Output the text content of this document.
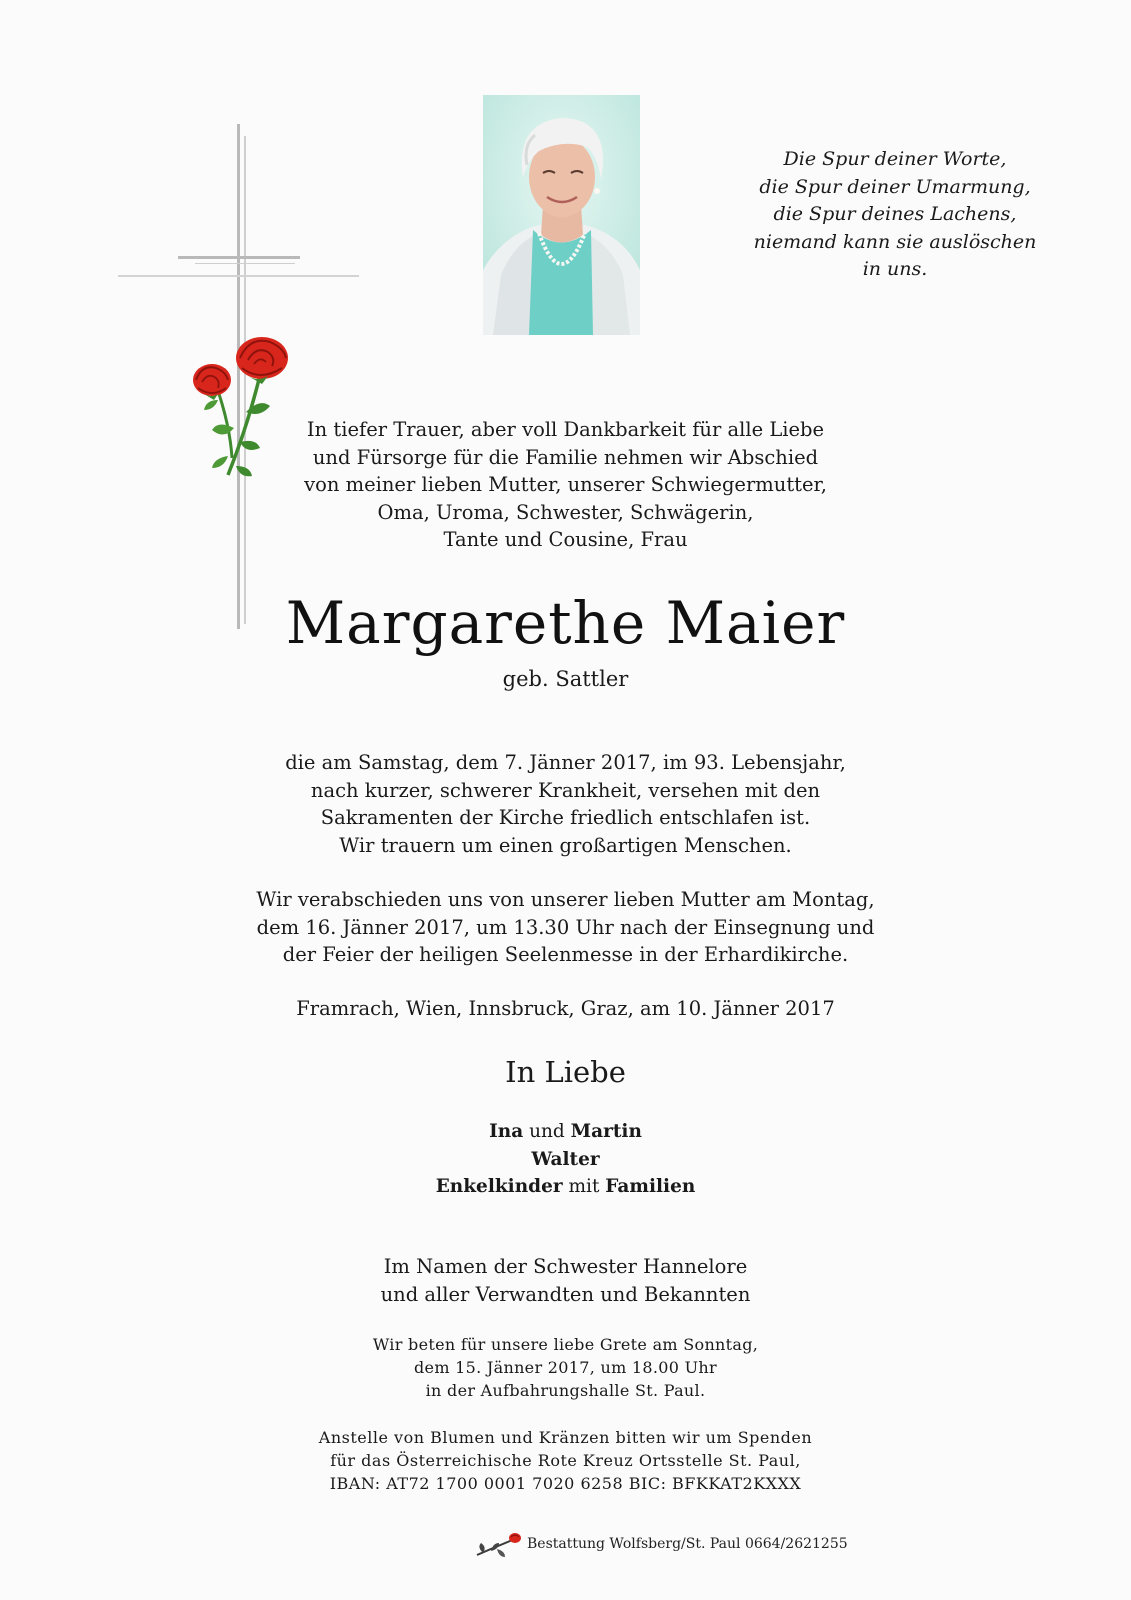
Die Spur deiner Worte,
die Spur deiner Umarmung,
die Spur deines Lachens,
niemand kann sie auslöschen
in uns.
In tiefer Trauer, aber voll Dankbarkeit für alle Liebe
und Fürsorge für die Familie nehmen wir Abschied
von meiner lieben Mutter, unserer Schwiegermutter,
Oma, Uroma, Schwester, Schwägerin,
Tante und Cousine, Frau
Margarethe Maier
geb. Sattler
die am Samstag, dem 7. Jänner 2017, im 93. Lebensjahr,
nach kurzer, schwerer Krankheit, versehen mit den
Sakramenten der Kirche friedlich entschlafen ist.
Wir trauern um einen großartigen Menschen.
Wir verabschieden uns von unserer lieben Mutter am Montag,
dem 16. Jänner 2017, um 13.30 Uhr nach der Einsegnung und
der Feier der heiligen Seelenmesse in der Erhardikirche.
Framrach, Wien, Innsbruck, Graz, am 10. Jänner 2017
In Liebe
Ina und Martin
Walter
Enkelkinder mit Familien
Im Namen der Schwester Hannelore
und aller Verwandten und Bekannten
Wir beten für unsere liebe Grete am Sonntag,
dem 15. Jänner 2017, um 18.00 Uhr
in der Aufbahrungshalle St. Paul.
Anstelle von Blumen und Kränzen bitten wir um Spenden
für das Österreichische Rote Kreuz Ortsstelle St. Paul,
IBAN: AT72 1700 0001 7020 6258 BIC: BFKKAT2KXXX
Bestattung Wolfsberg/St. Paul 0664/2621255
